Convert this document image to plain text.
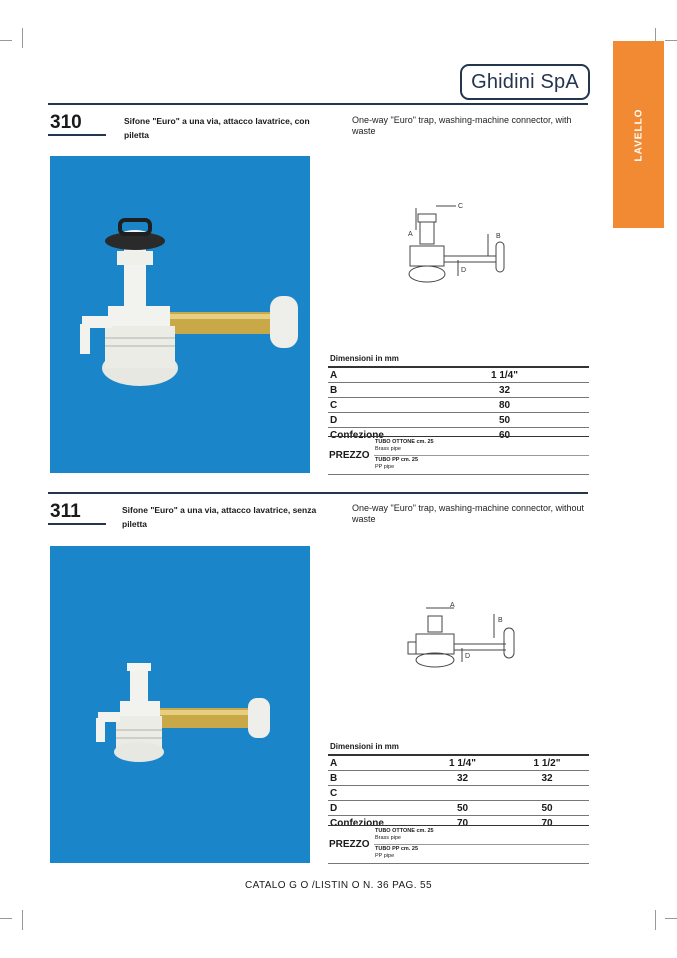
Ghidini SpA
LAVELLO
310	Sifone "Euro" a una via, attacco lavatrice, con piletta
One-way "Euro" trap, washing-machine connector, with waste
A	B
C
D
Dimensioni in mm	
A	1 1/4"
B	32
C	80
D	50
Confezione	60
PREZZO
TUBO OTTONE cm. 25
Brass pipe
TUBO PP cm. 25
PP pipe
311	Sifone "Euro" a una via, attacco lavatrice, senza piletta
One-way "Euro" trap, washing-machine connector, without waste
A
B
D
Dimensioni in mm		
A	1 1/4"	1 1/2"
B	32	32
C		
D	50	50
Confezione	70	70
PREZZO
TUBO OTTONE cm. 25
Brass pipe
TUBO PP cm. 25
PP pipe
CATALO G O /LISTIN O N. 36 PAG. 55
